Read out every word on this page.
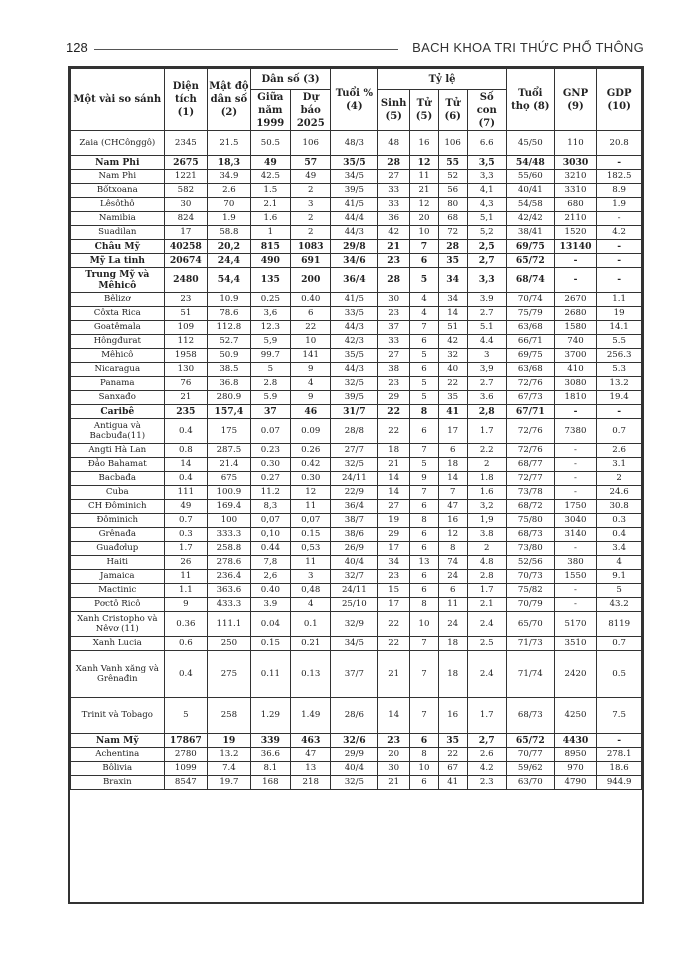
128	BACH KHOA TRI THỨC PHỔ THÔNG
Một vài so sánh	Diện tích (1)	Mật độ dân số (2)	Dân số (3)		Tuổi % (4)	Tỷ lệ				Tuổi thọ (8)	GNP (9)	GDP (10)
			Giữa năm 1999	Dự báo 2025		Sinh (5)	Tử (5)	Tử (6)	Số con (7)			
Zaia (CHCônggô)	2345	21.5	50.5	106	48/3	48	16	106	6.6	45/50	110	20.8
Nam Phi	2675	18,3	49	57	35/5	28	12	55	3,5	54/48	3030	-
Nam Phi	1221	34.9	42.5	49	34/5	27	11	52	3,3	55/60	3210	182.5
Bốtxoana	582	2.6	1.5	2	39/5	33	21	56	4,1	40/41	3310	8.9
Lêsôthô	30	70	2.1	3	41/5	33	12	80	4,3	54/58	680	1.9
Namibia	824	1.9	1.6	2	44/4	36	20	68	5,1	42/42	2110	-
Suadilan	17	58.8	1	2	44/3	42	10	72	5,2	38/41	1520	4.2
Châu Mỹ	40258	20,2	815	1083	29/8	21	7	28	2,5	69/75	13140	-
Mỹ La tinh	20674	24,4	490	691	34/6	23	6	35	2,7	65/72	-	-
Trung Mỹ và Mêhicô	2480	54,4	135	200	36/4	28	5	34	3,3	68/74	-	-
Bêlizơ	23	10.9	0.25	0.40	41/5	30	4	34	3.9	70/74	2670	1.1
Côxta Rica	51	78.6	3,6	6	33/5	23	4	14	2.7	75/79	2680	19
Goatêmala	109	112.8	12.3	22	44/3	37	7	51	5.1	63/68	1580	14.1
Hôngđurat	112	52.7	5,9	10	42/3	33	6	42	4.4	66/71	740	5.5
Mêhicô	1958	50.9	99.7	141	35/5	27	5	32	3	69/75	3700	256.3
Nicaragua	130	38.5	5	9	44/3	38	6	40	3,9	63/68	410	5.3
Panama	76	36.8	2.8	4	32/5	23	5	22	2.7	72/76	3080	13.2
Sanxađo	21	280.9	5.9	9	39/5	29	5	35	3.6	67/73	1810	19.4
Caribê	235	157,4	37	46	31/7	22	8	41	2,8	67/71	-	-
Antigua và Bacbuđa(11)	0.4	175	0.07	0.09	28/8	22	6	17	1.7	72/76	7380	0.7
Angti Hà Lan	0.8	287.5	0.23	0.26	27/7	18	7	6	2.2	72/76	-	2.6
Đảo Bahamat	14	21.4	0.30	0.42	32/5	21	5	18	2	68/77	-	3.1
Bacbađa	0.4	675	0.27	0.30	24/11	14	9	14	1.8	72/77	-	2
Cuba	111	100.9	11.2	12	22/9	14	7	7	1.6	73/78	-	24.6
CH Đôminich	49	169.4	8,3	11	36/4	27	6	47	3,2	68/72	1750	30.8
Đôminich	0.7	100	0,07	0,07	38/7	19	8	16	1,9	75/80	3040	0.3
Grênađa	0.3	333.3	0,10	0.15	38/6	29	6	12	3.8	68/73	3140	0.4
Guađơlup	1.7	258.8	0.44	0,53	26/9	17	6	8	2	73/80	-	3.4
Haiti	26	278.6	7,8	11	40/4	34	13	74	4.8	52/56	380	4
Jamaica	11	236.4	2,6	3	32/7	23	6	24	2.8	70/73	1550	9.1
Mactinic	1.1	363.6	0.40	0,48	24/11	15	6	6	1.7	75/82	-	5
Pơctô Ricô	9	433.3	3.9	4	25/10	17	8	11	2.1	70/79	-	43.2
Xanh Cristopho và Nêvơ (11)	0.36	111.1	0.04	0.1	32/9	22	10	24	2.4	65/70	5170	8119
Xanh Lucia	0.6	250	0.15	0.21	34/5	22	7	18	2.5	71/73	3510	0.7
Xanh Vanh xăng và Grênađin	0.4	275	0.11	0.13	37/7	21	7	18	2.4	71/74	2420	0.5
Trinit và Tobago	5	258	1.29	1.49	28/6	14	7	16	1.7	68/73	4250	7.5
Nam Mỹ	17867	19	339	463	32/6	23	6	35	2,7	65/72	4430	-
Achentina	2780	13.2	36.6	47	29/9	20	8	22	2.6	70/77	8950	278.1
Bôlivia	1099	7.4	8.1	13	40/4	30	10	67	4.2	59/62	970	18.6
Braxin	8547	19.7	168	218	32/5	21	6	41	2.3	63/70	4790	944.9
